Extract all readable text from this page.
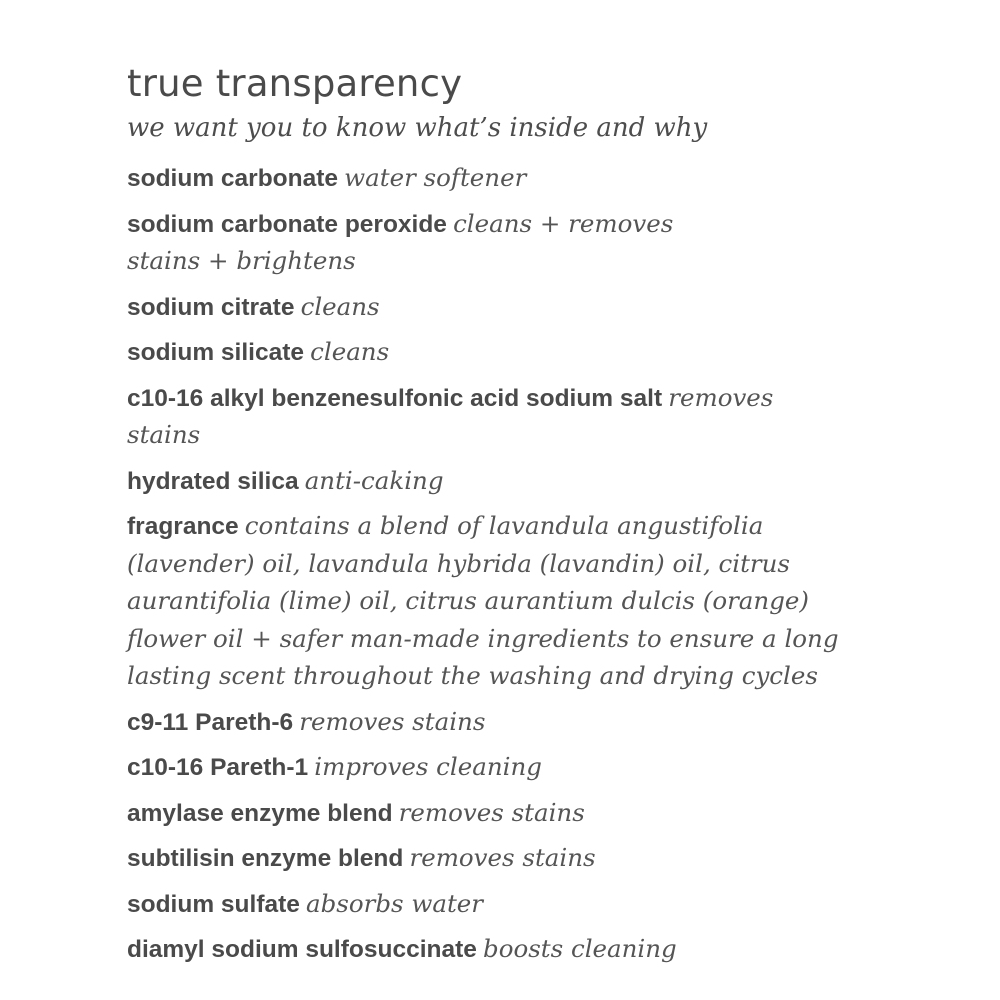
true transparency

we want you to know what’s inside and why

sodium carbonate water softener
sodium carbonate peroxide cleans + removes stains + brightens
sodium citrate cleans
sodium silicate cleans
c10-16 alkyl benzenesulfonic acid sodium salt removes stains
hydrated silica anti-caking
fragrance contains a blend of lavandula angustifolia (lavender) oil, lavandula hybrida (lavandin) oil, citrus aurantifolia (lime) oil, citrus aurantium dulcis (orange) flower oil + safer man-made ingredients to ensure a long lasting scent throughout the washing and drying cycles
c9-11 Pareth-6 removes stains
c10-16 Pareth-1 improves cleaning
amylase enzyme blend removes stains
subtilisin enzyme blend removes stains
sodium sulfate absorbs water
diamyl sodium sulfosuccinate boosts cleaning
